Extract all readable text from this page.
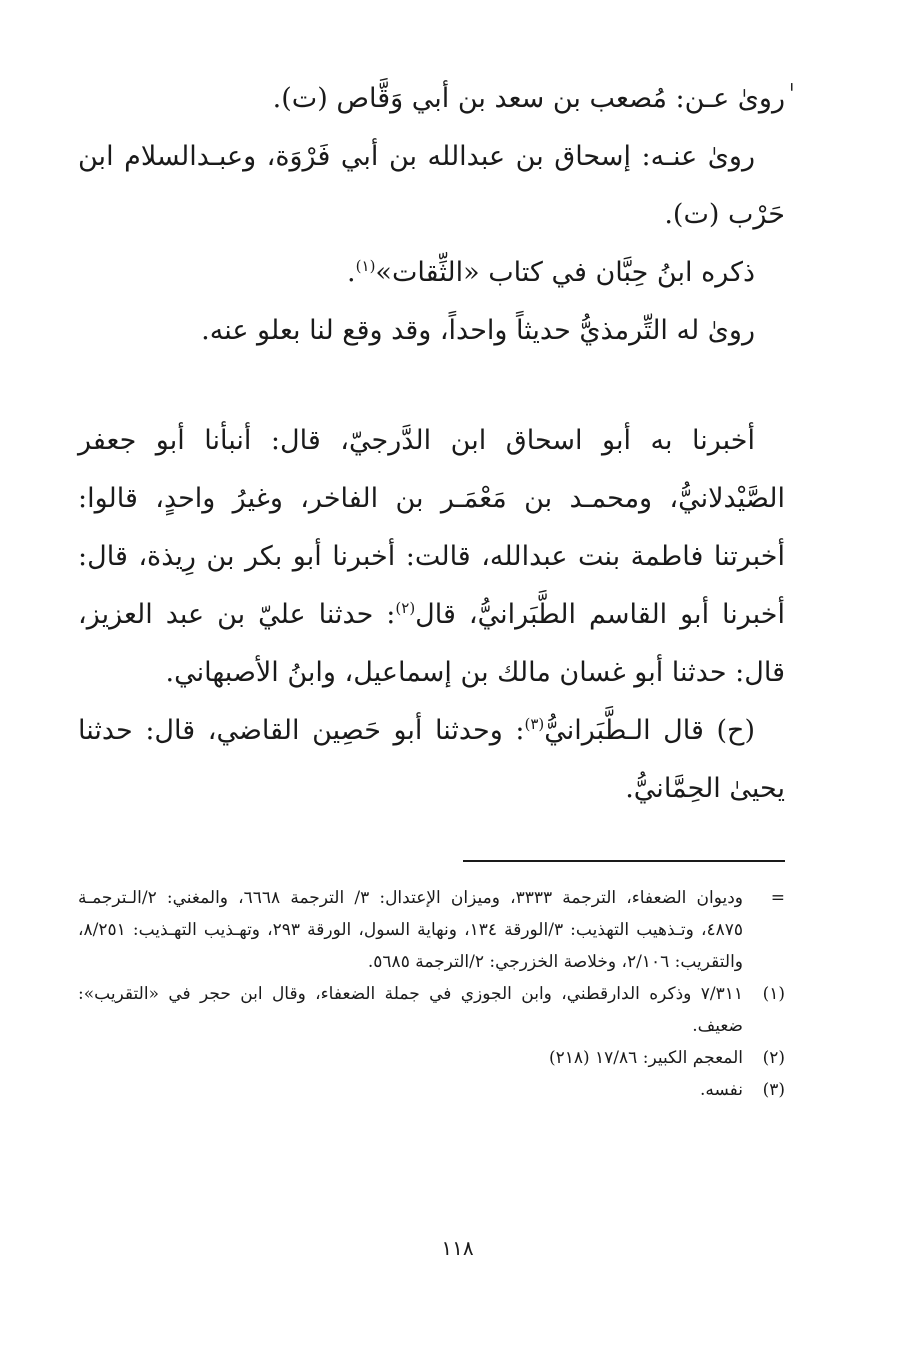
ٰروىٰ عـن: مُصعب بن سعد بن أبي وَقَّاص (ت).

روىٰ عنـه: إسحاق بن عبدالله بن أبي فَرْوَة، وعبـدالسلام ابن حَرْب (ت).

ذكره ابنُ حِبَّان في كتاب «الثِّقات»$^{(١)}$.

روىٰ له التِّرمذيُّ حديثاً واحداً، وقد وقع لنا بعلو عنه.

أخبرنا به أبو اسحاق ابن الدَّرجيّ، قال: أنبأنا أبو جعفر الصَّيْدلانيُّ، ومحمـد بن مَعْمَـر بن الفاخر، وغيرُ واحدٍ، قالوا: أخبرتنا فاطمة بنت عبدالله، قالت: أخبرنا أبو بكر بن رِيذة، قال: أخبرنا أبو القاسم الطَّبَرانيُّ، قال$^{(٢)}$: حدثنا عليّ بن عبد العزيز، قال: حدثنا أبو غسان مالك بن إسماعيل، وابنُ الأصبهاني.

(ح) قال الـطَّبَرانيُّ$^{(٣)}$: وحدثنا أبو حَصِين القاضي، قال: حدثنا يحيىٰ الحِمَّانيُّ.

=
وديوان الضعفاء، الترجمة ٣٣٣٣، وميزان الإعتدال: ٣/ الترجمة ٦٦٦٨، والمغني: ٢/الـترجمـة ٤٨٧٥، وتـذهيب التهذيب: ٣/الورقة ١٣٤، ونهاية السول، الورقة ٢٩٣، وتهـذيب التهـذيب: ٨/٢٥١، والتقريب: ٢/١٠٦، وخلاصة الخزرجي: ٢/الترجمة ٥٦٨٥.
(١)
٧/٣١١ وذكره الدارقطني، وابن الجوزي في جملة الضعفاء، وقال ابن حجر في «التقريب»: ضعيف.
(٢)
المعجم الكبير: ١٧/٨٦ (٢١٨)
(٣)
نفسه.
١١٨
